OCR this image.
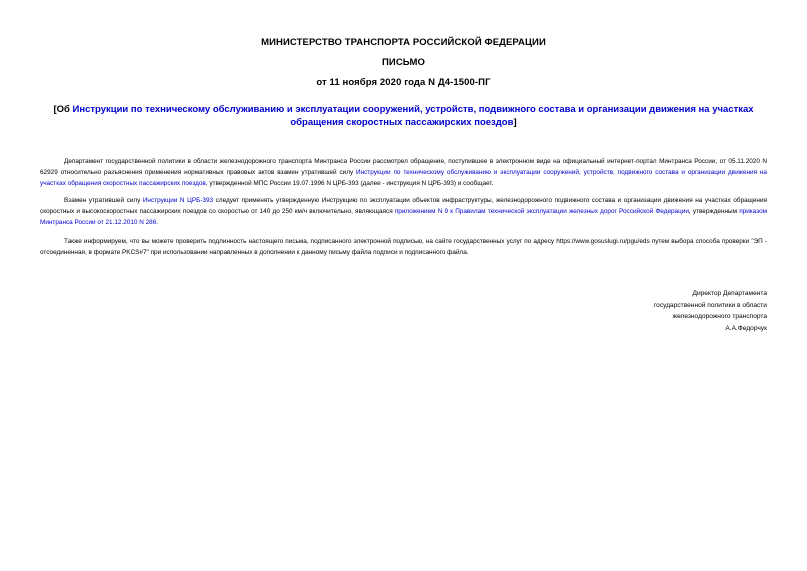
МИНИСТЕРСТВО ТРАНСПОРТА РОССИЙСКОЙ ФЕДЕРАЦИИ
ПИСЬМО
от 11 ноября 2020 года N Д4-1500-ПГ
[Об Инструкции по техническому обслуживанию и эксплуатации сооружений, устройств, подвижного состава и организации движения на участках обращения скоростных пассажирских поездов]
Департамент государственной политики в области железнодорожного транспорта Минтранса России рассмотрел обращение, поступившее в электронном виде на официальный интернет-портал Минтранса России, от 05.11.2020 N 62929 относительно разъяснения применения нормативных правовых актов взамен утратившей силу Инструкции по техническому обслуживанию и эксплуатации сооружений, устройств, подвижного состава и организации движения на участках обращения скоростных пассажирских поездов, утвержденной МПС России 19.07.1996 N ЦРБ-393 (далее - инструкция N ЦРБ-393) и сообщает.
Взамен утратившей силу Инструкции N ЦРБ-393 следует применять утвержденную Инструкцию по эксплуатации объектов инфраструктуры, железнодорожного подвижного состава и организации движения на участках обращения скоростных и высокоскоростных пассажирских поездов со скоростью от 140 до 250 км/ч включительно, являющаяся приложением N 9 к Правилам технической эксплуатации железных дорог Российской Федерации, утвержденным приказом Минтранса России от 21.12.2010 N 286.
Также информируем, что вы можете проверить подлинность настоящего письма, подписанного электронной подписью, на сайте государственных услуг по адресу https://www.gosuslugi.ru/pgu/eds путем выбора способа проверки "ЭП - отсоединенная, в формате PKCS#7" при использовании направленных в дополнении к данному письму файла подписи и подписанного файла.
Директор Департамента
государственной политики в области
железнодорожного транспорта
А.А.Федорчук
